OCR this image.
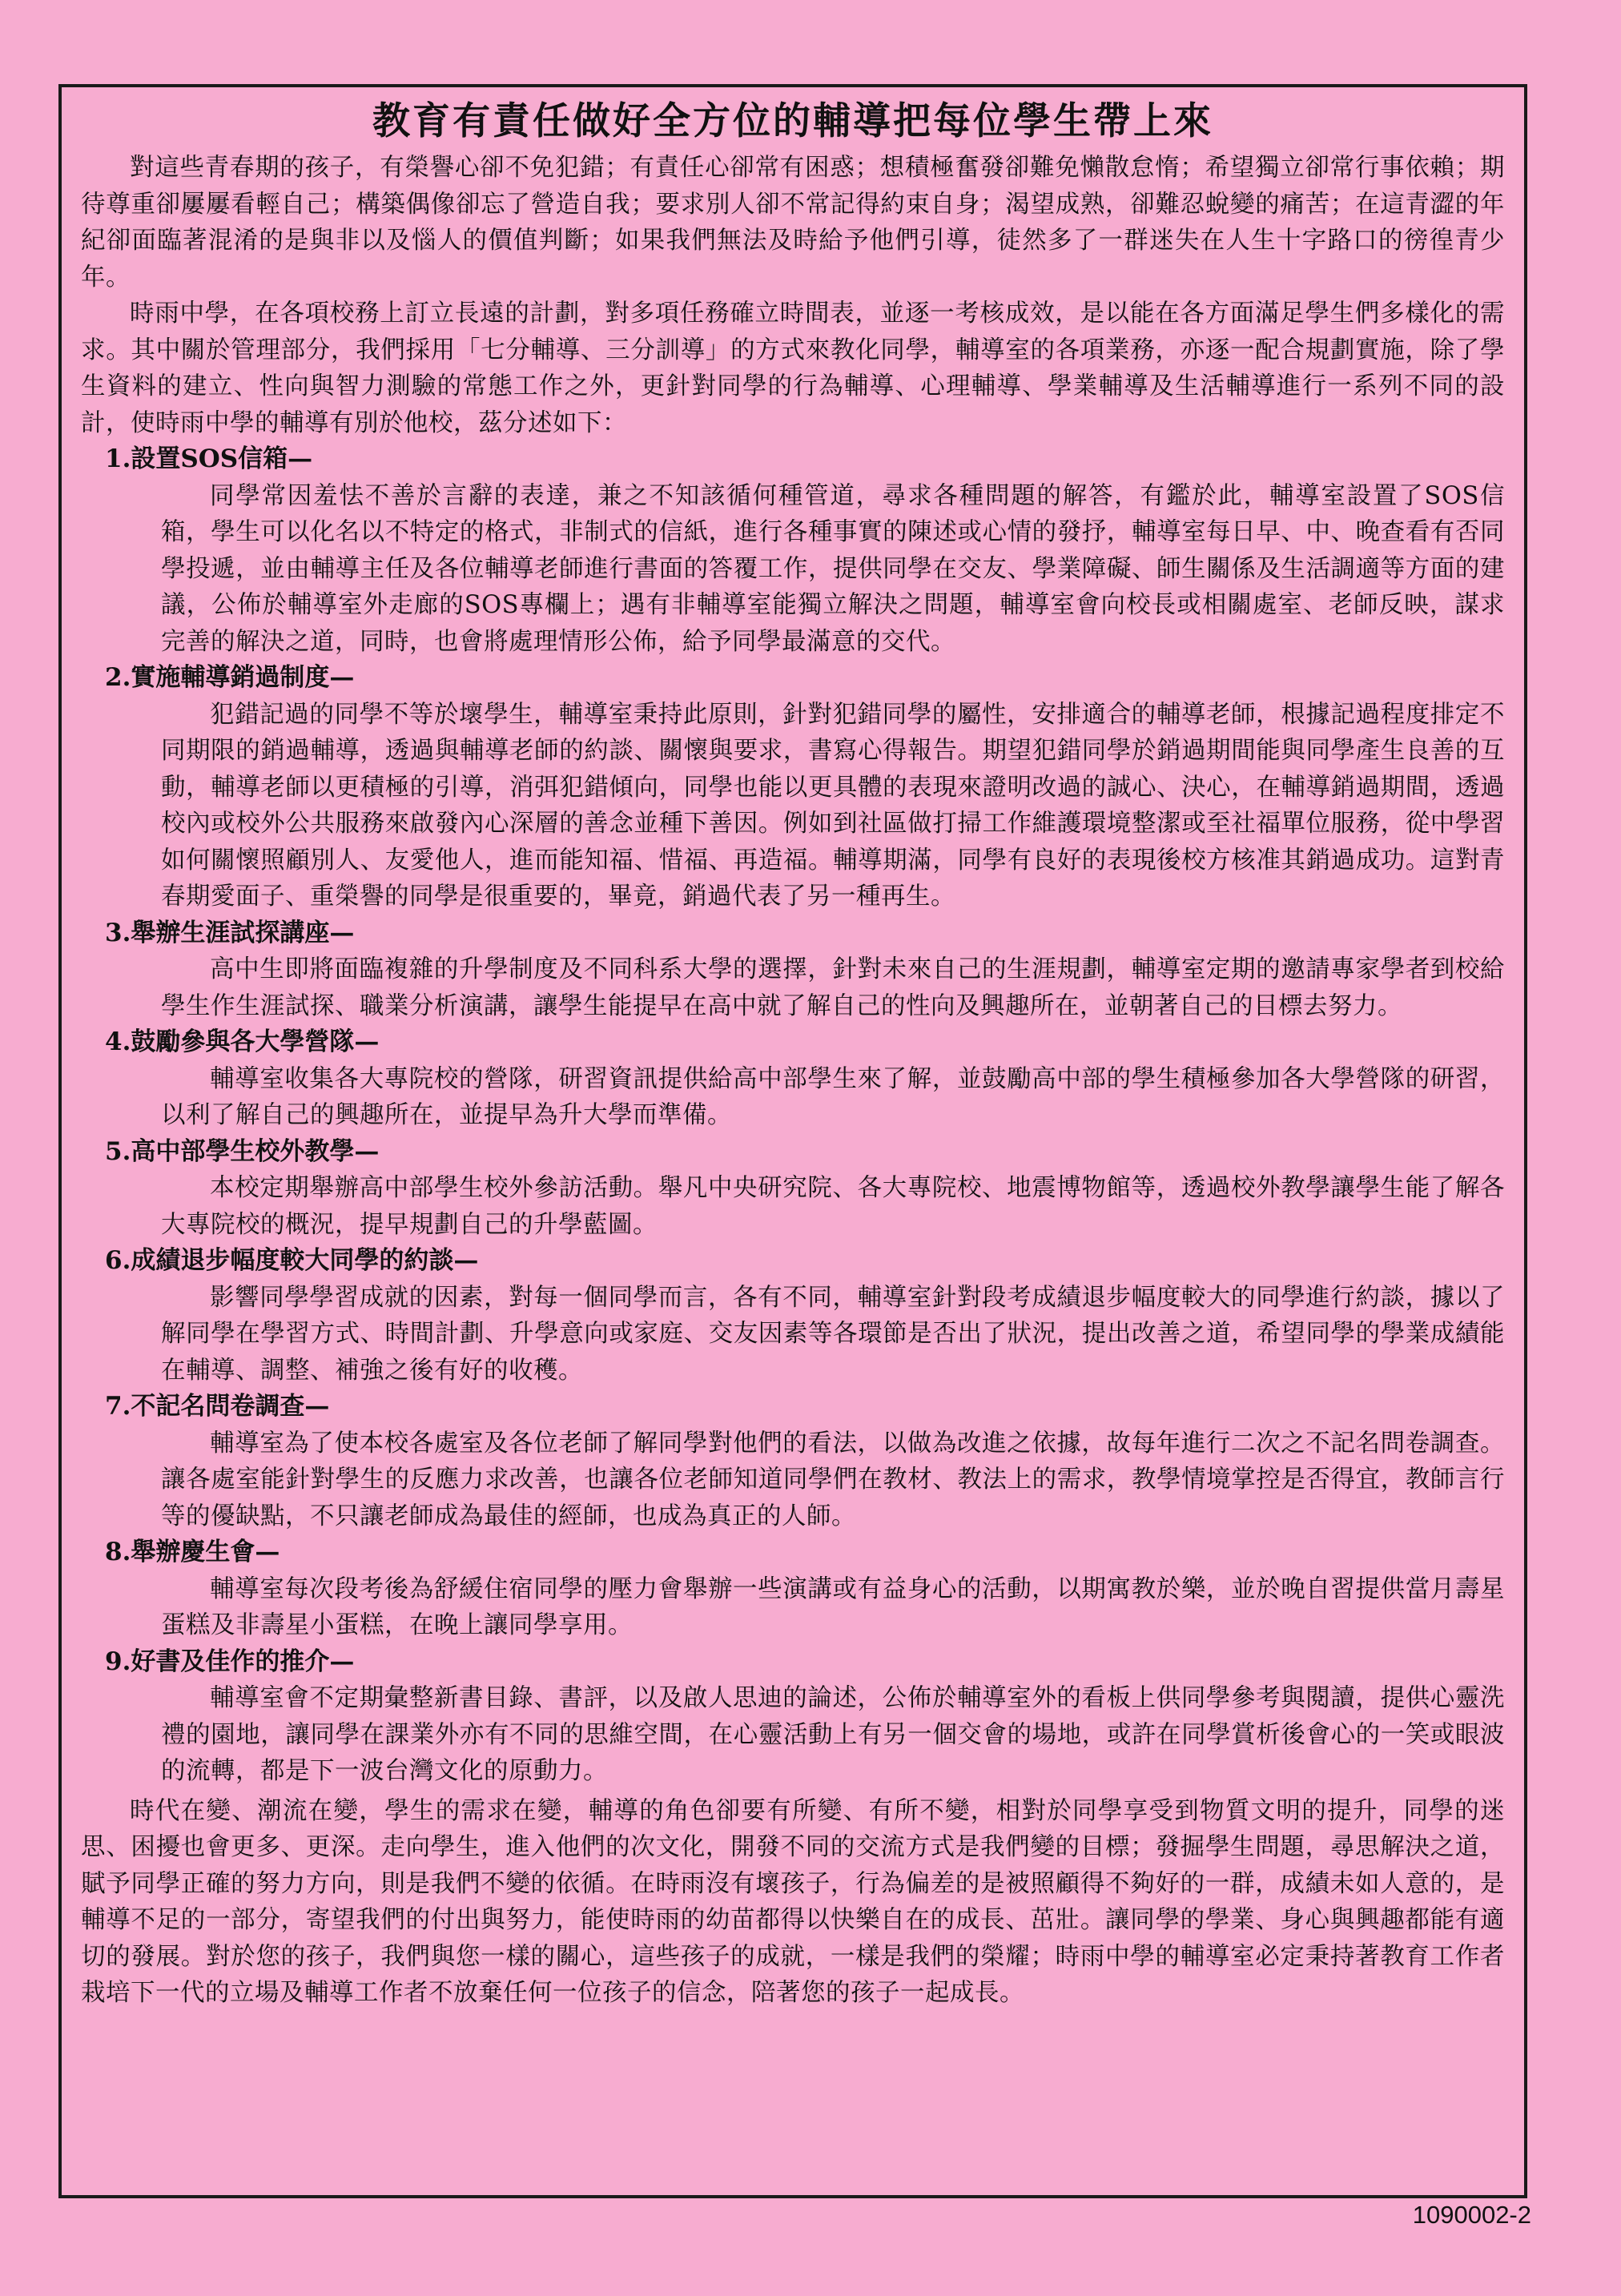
教育有責任做好全方位的輔導把每位學生帶上來

對這些青春期的孩子，有榮譽心卻不免犯錯；有責任心卻常有困惑；想積極奮發卻難免懶散怠惰；希望獨立卻常行事依賴；期待尊重卻屢屢看輕自己；構築偶像卻忘了營造自我；要求別人卻不常記得約束自身；渴望成熟，卻難忍蛻變的痛苦；在這青澀的年紀卻面臨著混淆的是與非以及惱人的價值判斷；如果我們無法及時給予他們引導，徒然多了一群迷失在人生十字路口的徬徨青少年。

時雨中學，在各項校務上訂立長遠的計劃，對多項任務確立時間表，並逐一考核成效，是以能在各方面滿足學生們多樣化的需求。其中關於管理部分，我們採用「七分輔導、三分訓導」的方式來教化同學，輔導室的各項業務，亦逐一配合規劃實施，除了學生資料的建立、性向與智力測驗的常態工作之外，更針對同學的行為輔導、心理輔導、學業輔導及生活輔導進行一系列不同的設計，使時雨中學的輔導有別於他校，茲分述如下：

1.設置SOS信箱—

同學常因羞怯不善於言辭的表達，兼之不知該循何種管道，尋求各種問題的解答，有鑑於此，輔導室設置了SOS信箱，學生可以化名以不特定的格式，非制式的信紙，進行各種事實的陳述或心情的發抒，輔導室每日早、中、晚查看有否同學投遞，並由輔導主任及各位輔導老師進行書面的答覆工作，提供同學在交友、學業障礙、師生關係及生活調適等方面的建議，公佈於輔導室外走廊的SOS專欄上；遇有非輔導室能獨立解決之問題，輔導室會向校長或相關處室、老師反映，謀求完善的解決之道，同時，也會將處理情形公佈，給予同學最滿意的交代。

2.實施輔導銷過制度—

犯錯記過的同學不等於壞學生，輔導室秉持此原則，針對犯錯同學的屬性，安排適合的輔導老師，根據記過程度排定不同期限的銷過輔導，透過與輔導老師的約談、關懷與要求，書寫心得報告。期望犯錯同學於銷過期間能與同學產生良善的互動，輔導老師以更積極的引導，消弭犯錯傾向，同學也能以更具體的表現來證明改過的誠心、決心，在輔導銷過期間，透過校內或校外公共服務來啟發內心深層的善念並種下善因。例如到社區做打掃工作維護環境整潔或至社福單位服務，從中學習如何關懷照顧別人、友愛他人，進而能知福、惜福、再造福。輔導期滿，同學有良好的表現後校方核准其銷過成功。這對青春期愛面子、重榮譽的同學是很重要的，畢竟，銷過代表了另一種再生。

3.舉辦生涯試探講座—

高中生即將面臨複雜的升學制度及不同科系大學的選擇，針對未來自己的生涯規劃，輔導室定期的邀請專家學者到校給學生作生涯試探、職業分析演講，讓學生能提早在高中就了解自己的性向及興趣所在，並朝著自己的目標去努力。

4.鼓勵參與各大學營隊—

輔導室收集各大專院校的營隊，研習資訊提供給高中部學生來了解，並鼓勵高中部的學生積極參加各大學營隊的研習，以利了解自己的興趣所在，並提早為升大學而準備。

5.高中部學生校外教學—

本校定期舉辦高中部學生校外參訪活動。舉凡中央研究院、各大專院校、地震博物館等，透過校外教學讓學生能了解各大專院校的概況，提早規劃自己的升學藍圖。

6.成績退步幅度較大同學的約談—

影響同學學習成就的因素，對每一個同學而言，各有不同，輔導室針對段考成績退步幅度較大的同學進行約談，據以了解同學在學習方式、時間計劃、升學意向或家庭、交友因素等各環節是否出了狀況，提出改善之道，希望同學的學業成績能在輔導、調整、補強之後有好的收穫。

7.不記名問卷調查—

輔導室為了使本校各處室及各位老師了解同學對他們的看法，以做為改進之依據，故每年進行二次之不記名問卷調查。讓各處室能針對學生的反應力求改善，也讓各位老師知道同學們在教材、教法上的需求，教學情境掌控是否得宜，教師言行等的優缺點，不只讓老師成為最佳的經師，也成為真正的人師。

8.舉辦慶生會—

輔導室每次段考後為舒緩住宿同學的壓力會舉辦一些演講或有益身心的活動，以期寓教於樂，並於晚自習提供當月壽星蛋糕及非壽星小蛋糕，在晚上讓同學享用。

9.好書及佳作的推介—

輔導室會不定期彙整新書目錄、書評，以及啟人思迪的論述，公佈於輔導室外的看板上供同學參考與閱讀，提供心靈洗禮的園地，讓同學在課業外亦有不同的思維空間，在心靈活動上有另一個交會的場地，或許在同學賞析後會心的一笑或眼波的流轉，都是下一波台灣文化的原動力。

時代在變、潮流在變，學生的需求在變，輔導的角色卻要有所變、有所不變，相對於同學享受到物質文明的提升，同學的迷思、困擾也會更多、更深。走向學生，進入他們的次文化，開發不同的交流方式是我們變的目標；發掘學生問題，尋思解決之道，賦予同學正確的努力方向，則是我們不變的依循。在時雨沒有壞孩子，行為偏差的是被照顧得不夠好的一群，成績未如人意的，是輔導不足的一部分，寄望我們的付出與努力，能使時雨的幼苗都得以快樂自在的成長、茁壯。讓同學的學業、身心與興趣都能有適切的發展。對於您的孩子，我們與您一樣的關心，這些孩子的成就，一樣是我們的榮耀；時雨中學的輔導室必定秉持著教育工作者栽培下一代的立場及輔導工作者不放棄任何一位孩子的信念，陪著您的孩子一起成長。

1090002-2
